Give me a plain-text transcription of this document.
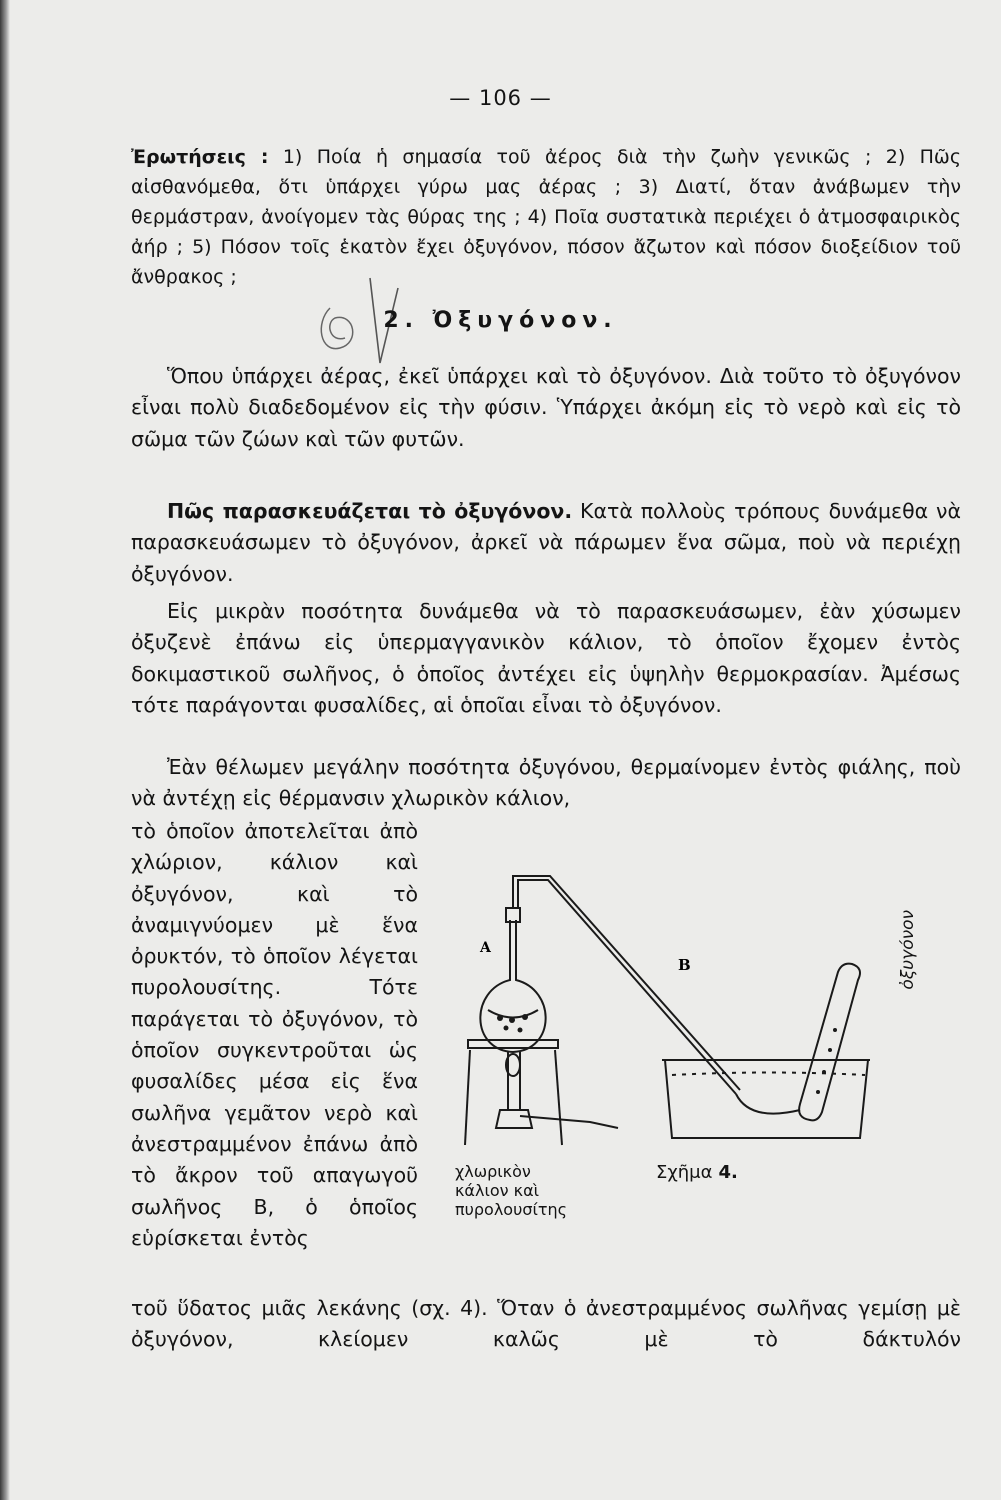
— 106 —
Ἐρωτήσεις : 1) Ποία ἡ σημασία τοῦ ἀέρος διὰ τὴν ζωὴν γενικῶς ; 2) Πῶς αἰσθανόμεθα, ὅτι ὑπάρχει γύρω μας ἀέρας ; 3) Διατί, ὅταν ἀνάβωμεν τὴν θερμάστραν, ἀνοίγομεν τὰς θύρας της ; 4) Ποῖα συστατικὰ περιέχει ὁ ἀτμοσφαιρικὸς ἀήρ ; 5) Πόσον τοῖς ἑκατὸν ἔχει ὀξυγόνον, πόσον ἄζωτον καὶ πόσον διοξείδιον τοῦ ἄνθρακος ;
2. Ὀξυγόνον.
Ὅπου ὑπάρχει ἀέρας, ἐκεῖ ὑπάρχει καὶ τὸ ὀξυγόνον. Διὰ τοῦτο τὸ ὀξυγόνον εἶναι πολὺ διαδεδομένον εἰς τὴν φύσιν. Ὑπάρχει ἀκόμη εἰς τὸ νερὸ καὶ εἰς τὸ σῶμα τῶν ζώων καὶ τῶν φυτῶν.
Πῶς παρασκευάζεται τὸ ὀξυγόνον. Κατὰ πολλοὺς τρόπους δυνάμεθα νὰ παρασκευάσωμεν τὸ ὀξυγόνον, ἀρκεῖ νὰ πάρωμεν ἕνα σῶμα, ποὺ νὰ περιέχῃ ὀξυγόνον.
Εἰς μικρὰν ποσότητα δυνάμεθα νὰ τὸ παρασκευάσωμεν, ἐὰν χύσωμεν ὀξυζενὲ ἐπάνω εἰς ὑπερμαγγανικὸν κάλιον, τὸ ὁποῖον ἔχομεν ἐντὸς δοκιμαστικοῦ σωλῆνος, ὁ ὁποῖος ἀντέχει εἰς ὑψηλὴν θερμοκρασίαν. Ἀμέσως τότε παράγονται φυσαλίδες, αἱ ὁποῖαι εἶναι τὸ ὀξυγόνον.
Ἐὰν θέλωμεν μεγάλην ποσότητα ὀξυγόνου, θερμαίνομεν ἐντὸς φιάλης, ποὺ νὰ ἀντέχῃ εἰς θέρμανσιν χλωρικὸν κάλιον,
τὸ ὁποῖον ἀποτελεῖται ἀπὸ χλώριον, κάλιον καὶ ὀξυγόνον, καὶ τὸ ἀναμιγνύομεν μὲ ἕνα ὀρυκτόν, τὸ ὁποῖον λέγεται πυρολουσίτης. Τότε παράγεται τὸ ὀξυγόνον, τὸ ὁποῖον συγκεντροῦται ὡς φυσαλίδες μέσα εἰς ἕνα σωλῆνα γεμᾶτον νερὸ καὶ ἀνεστραμμένον ἐπάνω ἀπὸ τὸ ἄκρον τοῦ απαγωγοῦ σωλῆνος Β, ὁ ὁποῖος εὑρίσκεται ἐντὸς
τοῦ ὕδατος μιᾶς λεκάνης (σχ. 4). Ὅταν ὁ ἀνεστραμμένος σωλῆνας γεμίσῃ μὲ ὀξυγόνον, κλείομεν καλῶς μὲ τὸ δάκτυλόν
A
B	ὀξυγόνον
χλωρικὸν
κάλιον καὶ
πυρολουσίτης
Σχῆμα 4.
